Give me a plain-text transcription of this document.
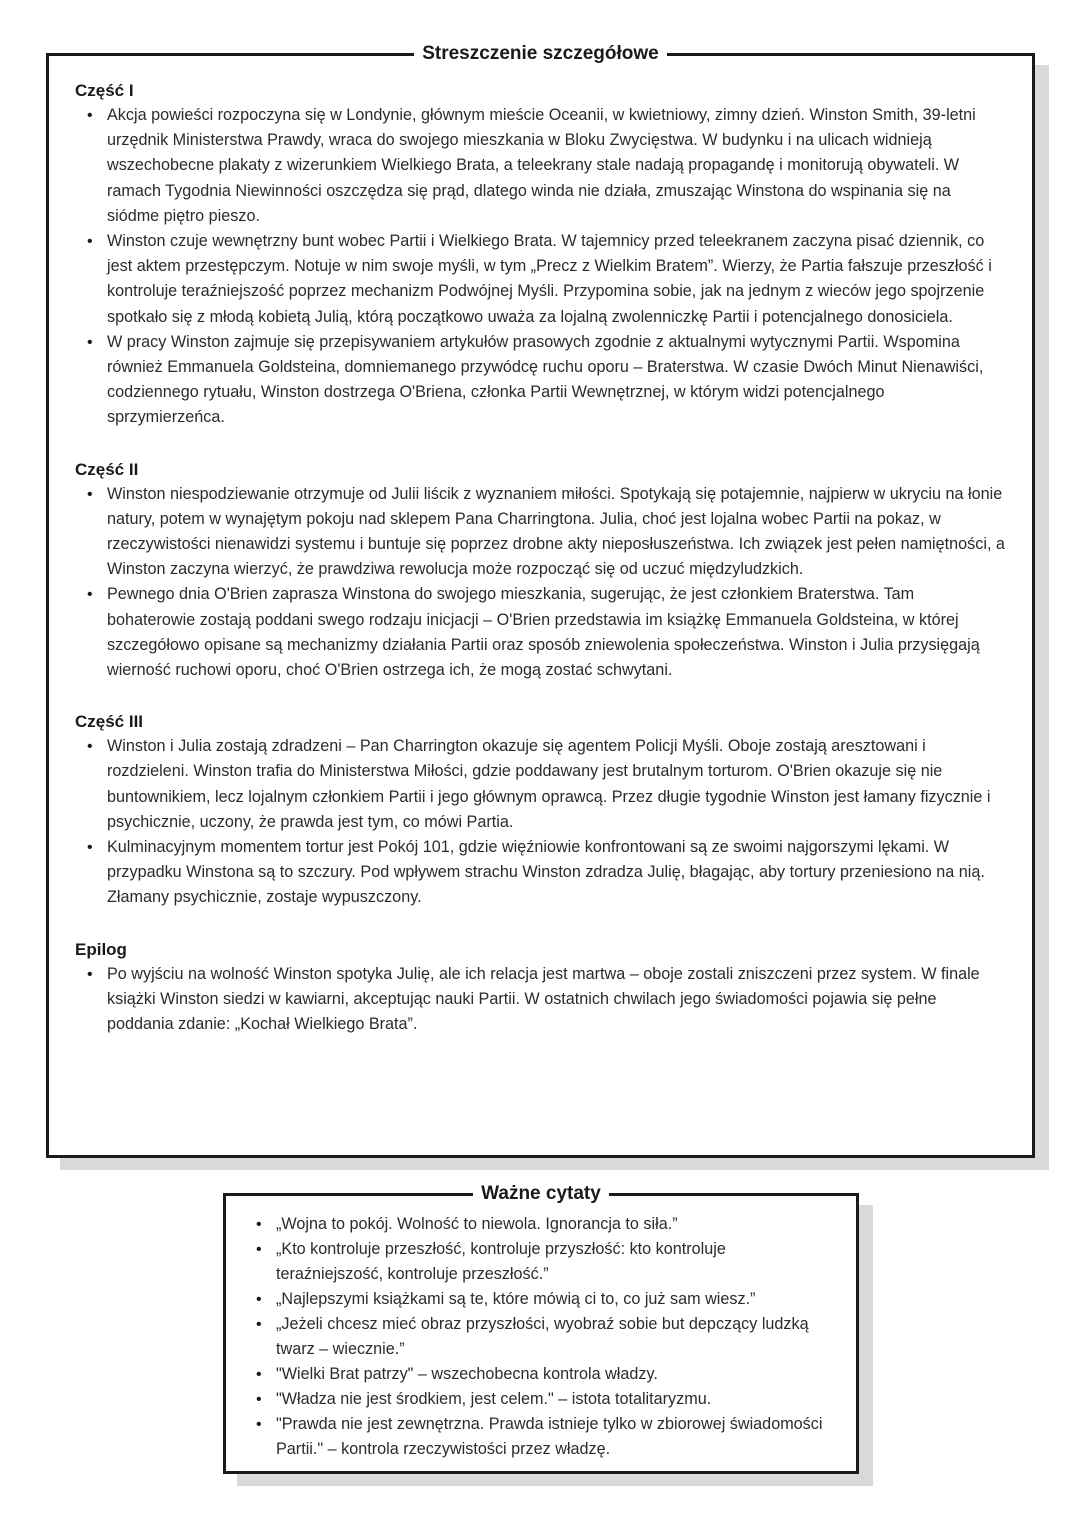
Streszczenie szczegółowe
Część I
• Akcja powieści rozpoczyna się w Londynie, głównym mieście Oceanii, w kwietniowy, zimny dzień. Winston Smith, 39-letni urzędnik Ministerstwa Prawdy, wraca do swojego mieszkania w Bloku Zwycięstwa. W budynku i na ulicach widnieją wszechobecne plakaty z wizerunkiem Wielkiego Brata, a teleekrany stale nadają propagandę i monitorują obywateli. W ramach Tygodnia Niewinności oszczędza się prąd, dlatego winda nie działa, zmuszając Winstona do wspinania się na siódme piętro pieszo.
• Winston czuje wewnętrzny bunt wobec Partii i Wielkiego Brata. W tajemnicy przed teleekranem zaczyna pisać dziennik, co jest aktem przestępczym. Notuje w nim swoje myśli, w tym „Precz z Wielkim Bratem”. Wierzy, że Partia fałszuje przeszłość i kontroluje teraźniejszość poprzez mechanizm Podwójnej Myśli. Przypomina sobie, jak na jednym z wieców jego spojrzenie spotkało się z młodą kobietą Julią, którą początkowo uważa za lojalną zwolenniczkę Partii i potencjalnego donosiciela.
• W pracy Winston zajmuje się przepisywaniem artykułów prasowych zgodnie z aktualnymi wytycznymi Partii. Wspomina również Emmanuela Goldsteina, domniemanego przywódcę ruchu oporu – Braterstwa. W czasie Dwóch Minut Nienawiści, codziennego rytuału, Winston dostrzega O'Briena, członka Partii Wewnętrznej, w którym widzi potencjalnego sprzymierzeńca.
Część II
• Winston niespodziewanie otrzymuje od Julii liścik z wyznaniem miłości. Spotykają się potajemnie, najpierw w ukryciu na łonie natury, potem w wynajętym pokoju nad sklepem Pana Charringtona. Julia, choć jest lojalna wobec Partii na pokaz, w rzeczywistości nienawidzi systemu i buntuje się poprzez drobne akty nieposłuszeństwa. Ich związek jest pełen namiętności, a Winston zaczyna wierzyć, że prawdziwa rewolucja może rozpocząć się od uczuć międzyludzkich.
• Pewnego dnia O'Brien zaprasza Winstona do swojego mieszkania, sugerując, że jest członkiem Braterstwa. Tam bohaterowie zostają poddani swego rodzaju inicjacji – O'Brien przedstawia im książkę Emmanuela Goldsteina, w której szczegółowo opisane są mechanizmy działania Partii oraz sposób zniewolenia społeczeństwa. Winston i Julia przysięgają wierność ruchowi oporu, choć O'Brien ostrzega ich, że mogą zostać schwytani.
Część III
• Winston i Julia zostają zdradzeni – Pan Charrington okazuje się agentem Policji Myśli. Oboje zostają aresztowani i rozdzieleni. Winston trafia do Ministerstwa Miłości, gdzie poddawany jest brutalnym torturom. O'Brien okazuje się nie buntownikiem, lecz lojalnym członkiem Partii i jego głównym oprawcą. Przez długie tygodnie Winston jest łamany fizycznie i psychicznie, uczony, że prawda jest tym, co mówi Partia.
• Kulminacyjnym momentem tortur jest Pokój 101, gdzie więźniowie konfrontowani są ze swoimi najgorszymi lękami. W przypadku Winstona są to szczury. Pod wpływem strachu Winston zdradza Julię, błagając, aby tortury przeniesiono na nią. Złamany psychicznie, zostaje wypuszczony.
Epilog
• Po wyjściu na wolność Winston spotyka Julię, ale ich relacja jest martwa – oboje zostali zniszczeni przez system. W finale książki Winston siedzi w kawiarni, akceptując nauki Partii. W ostatnich chwilach jego świadomości pojawia się pełne poddania zdanie: „Kochał Wielkiego Brata”.
Ważne cytaty
• „Wojna to pokój. Wolność to niewola. Ignorancja to siła.”
• „Kto kontroluje przeszłość, kontroluje przyszłość: kto kontroluje teraźniejszość, kontroluje przeszłość.”
• „Najlepszymi książkami są te, które mówią ci to, co już sam wiesz.”
• „Jeżeli chcesz mieć obraz przyszłości, wyobraź sobie but depczący ludzką twarz – wiecznie.”
• "Wielki Brat patrzy" – wszechobecna kontrola władzy.
• "Władza nie jest środkiem, jest celem." – istota totalitaryzmu.
• "Prawda nie jest zewnętrzna. Prawda istnieje tylko w zbiorowej świadomości Partii." – kontrola rzeczywistości przez władzę.
